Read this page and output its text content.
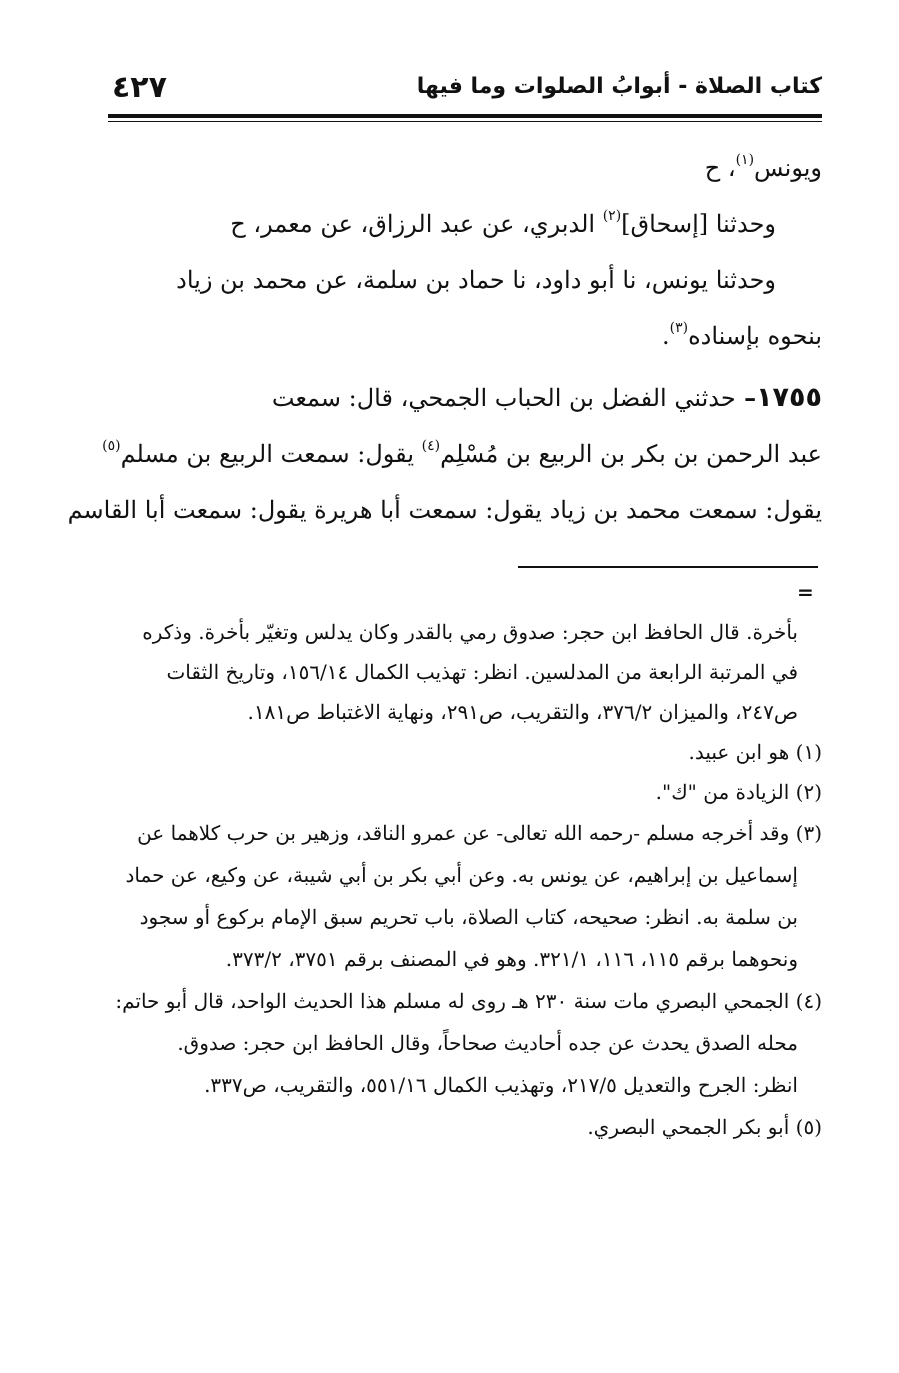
٤٢٧	كتاب الصلاة - أبوابُ الصلوات وما فيها
ويونس$^{(١)}$، ح
وحدثنا [إسحاق]$^{(٢)}$ الدبري، عن عبد الرزاق، عن معمر، ح
وحدثنا يونس، نا أبو داود، نا حماد بن سلمة، عن محمد بن زياد
بنحوه بإسناده$^{(٣)}$.
١٧٥٥– حدثني الفضل بن الحباب الجمحي، قال: سمعت
عبد الرحمن بن بكر بن الربيع بن مُسْلِم$^{(٤)}$ يقول: سمعت الربيع بن مسلم$^{(٥)}$
يقول: سمعت محمد بن زياد يقول: سمعت أبا هريرة يقول: سمعت أبا القاسم
=
بأخرة. قال الحافظ ابن حجر: صدوق رمي بالقدر وكان يدلس وتغيّر بأخرة. وذكره
في المرتبة الرابعة من المدلسين. انظر: تهذيب الكمال ١٥٦/١٤، وتاريخ الثقات
ص٢٤٧، والميزان ٣٧٦/٢، والتقريب، ص٢٩١، ونهاية الاغتباط ص١٨١.
(١) هو ابن عبيد.
(٢) الزيادة من "ك".
(٣) وقد أخرجه مسلم -رحمه الله تعالى- عن عمرو الناقد، وزهير بن حرب كلاهما عن
إسماعيل بن إبراهيم، عن يونس به. وعن أبي بكر بن أبي شيبة، عن وكيع، عن حماد
بن سلمة به. انظر: صحيحه، كتاب الصلاة، باب تحريم سبق الإمام بركوع أو سجود
ونحوهما برقم ١١٥، ١١٦، ٣٢١/١. وهو في المصنف برقم ٣٧٥١، ٣٧٣/٢.
(٤) الجمحي البصري مات سنة ٢٣٠ هـ روى له مسلم هذا الحديث الواحد، قال أبو حاتم:
محله الصدق يحدث عن جده أحاديث صحاحاً، وقال الحافظ ابن حجر: صدوق.
انظر: الجرح والتعديل ٢١٧/٥، وتهذيب الكمال ٥٥١/١٦، والتقريب، ص٣٣٧.
(٥) أبو بكر الجمحي البصري.
